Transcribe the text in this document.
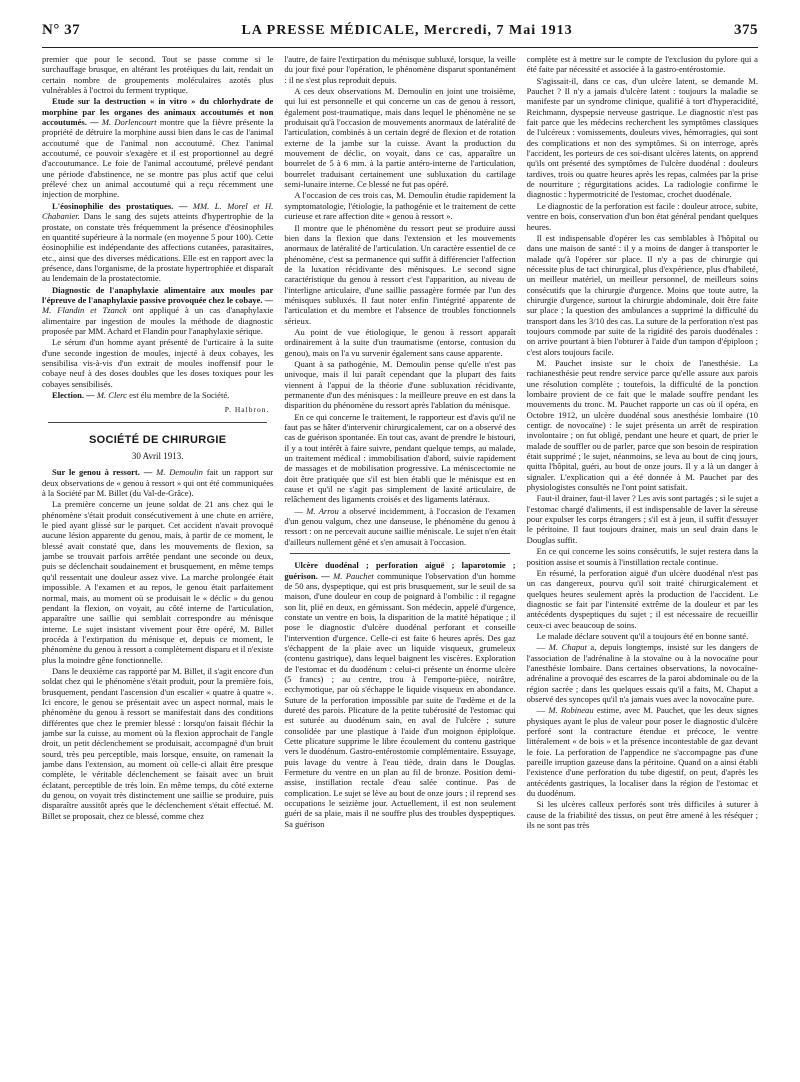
N° 37	LA PRESSE MÉDICALE, Mercredi, 7 Mai 1913	375

premier que pour le second. Tout se passe comme si le surchauffage brusque, en altérant les protéiques du lait, rendait un certain nombre de groupements moléculaires azotés plus vulnérables à l'octroi du ferment tryptique.

Etude sur la destruction « in vitro » du chlorhydrate de morphine par les organes des animaux accoutumés et non accoutumés. — M. Dorlencourt montre que la fièvre présente la propriété de détruire la morphine aussi bien dans le cas de l'animal accoutumé que de l'animal non accoutumé. Chez l'animal accoutumé, ce pouvoir s'exagère et il est proportionnel au degré d'accoutumance. Le foie de l'animal accoutumé, prélevé pendant une période d'abstinence, ne se montre pas plus actif que celui prélevé chez un animal accoutumé qui a reçu récemment une injection de morphine.

L'éosinophilie des prostatiques. — MM. L. Morel et H. Chabanier. Dans le sang des sujets atteints d'hypertrophie de la prostate, on constate très fréquemment la présence d'éosinophiles en quantité supérieure à la normale (en moyenne 5 pour 100). Cette éosinophilie est indépendante des affections cutanées, parasitaires, etc., ainsi que des diverses médications. Elle est en rapport avec la présence, dans l'organisme, de la prostate hypertrophiée et disparaît au lendemain de la prostatectomie.

Diagnostic de l'anaphylaxie alimentaire aux moules par l'épreuve de l'anaphylaxie passive provoquée chez le cobaye. — M. Flandin et Tzanck ont appliqué à un cas d'anaphylaxie alimentaire par ingestion de moules la méthode de diagnostic proposée par MM. Achard et Flandin pour l'anaphylaxie sérique.

Le sérum d'un homme ayant présenté de l'urticaire à la suite d'une seconde ingestion de moules, injecté à deux cobayes, les sensibilisa vis-à-vis d'un extrait de moules inoffensif pour le cobaye neuf à des doses doubles que les doses toxiques pour les cobayes sensibilisés.

Election. — M. Clerc est élu membre de la Société.

P. Halbron.

SOCIÉTÉ DE CHIRURGIE

30 Avril 1913.

Sur le genou à ressort. — M. Demoulin fait un rapport sur deux observations de « genou à ressort » qui ont été communiquées à la Société par M. Billet (du Val-de-Grâce).

La première concerne un jeune soldat de 21 ans chez qui le phénomène s'était produit consécutivement à une chute en arrière, le pied ayant glissé sur le parquet. Cet accident n'avait provoqué aucune lésion apparente du genou, mais, à partir de ce moment, le blessé avait constaté que, dans les mouvements de flexion, sa jambe se trouvait parfois arrêtée pendant une seconde ou deux, puis se déclenchait soudainement et brusquement, en même temps qu'il ressentait une douleur assez vive. La marche prolongée était impossible. A l'examen et au repos, le genou était parfaitement normal, mais, au moment où se produisait le « déclic » du genou pendant la flexion, on voyait, au côté interne de l'articulation, apparaître une saillie qui semblait correspondre au ménisque interne. Le sujet insistant vivement pour être opéré, M. Billet procéda à l'extirpation du ménisque et, depuis ce moment, le phénomène du genou à ressort a complètement disparu et il n'existe plus la moindre gêne fonctionnelle.

Dans le deuxième cas rapporté par M. Billet, il s'agit encore d'un soldat chez qui le phénomène s'était produit, pour la première fois, brusquement, pendant l'ascension d'un escalier « quatre à quatre ». Ici encore, le genou se présentait avec un aspect normal, mais le phénomène du genou à ressort se manifestait dans des conditions différentes que chez le premier blessé : lorsqu'on faisait fléchir la jambe sur la cuisse, au moment où la flexion approchait de l'angle droit, un petit déclenchement se produisait, accompagné d'un bruit sourd, très peu perceptible, mais lorsque, ensuite, on ramenait la jambe dans l'extension, au moment où celle-ci allait être presque complète, le véritable déclenchement se faisait avec un bruit éclatant, perceptible de très loin. En même temps, du côté externe du genou, on voyait très distinctement une saillie se produire, puis disparaître aussitôt après que le déclenchement s'était effectué. M. Billet se proposait, chez ce blessé, comme chez

l'autre, de faire l'extirpation du ménisque subluxé, lorsque, la veille du jour fixé pour l'opération, le phénomène disparut spontanément : il ne s'est plus reproduit depuis.

A ces deux observations M. Demoulin en joint une troisième, qui lui est personnelle et qui concerne un cas de genou à ressort, également post-traumatique, mais dans lequel le phénomène ne se produisait qu'à l'occasion de mouvements anormaux de latéralité de l'articulation, combinés à un certain degré de flexion et de rotation externe de la jambe sur la cuisse. Avant la production du mouvement de déclic, on voyait, dans ce cas, apparaître un bourrelet de 5 à 6 mm. à la partie antéro-interne de l'articulation, bourrelet traduisant certainement une subluxation du cartilage semi-lunaire interne. Ce blessé ne fut pas opéré.

A l'occasion de ces trois cas, M. Demoulin étudie rapidement la symptomatologie, l'étiologie, la pathogénie et le traitement de cette curieuse et rare affection dite « genou à ressort ».

Il montre que le phénomène du ressort peut se produire aussi bien dans la flexion que dans l'extension et les mouvements anormaux de latéralité de l'articulation. Un caractère essentiel de ce phénomène, c'est sa permanence qui suffit à différencier l'affection de la luxation récidivante des ménisques. Le second signe caractéristique du genou à ressort c'est l'apparition, au niveau de l'interligne articulaire, d'une saillie passagère formée par l'un des ménisques subluxés. Il faut noter enfin l'intégrité apparente de l'articulation et du membre et l'absence de troubles fonctionnels sérieux.

Au point de vue étiologique, le genou à ressort apparaît ordinairement à la suite d'un traumatisme (entorse, contusion du genou), mais on l'a vu survenir également sans cause apparente.

Quant à sa pathogénie, M. Demoulin pense qu'elle n'est pas univoque, mais il lui paraît cependant que la plupart des faits viennent à l'appui de la théorie d'une subluxation récidivante, permanente d'un des ménisques : la meilleure preuve en est dans la disparition du phénomène du ressort après l'ablation du ménisque.

En ce qui concerne le traitement, le rapporteur est d'avis qu'il ne faut pas se hâter d'intervenir chirurgicalement, car on a observé des cas de guérison spontanée. En tout cas, avant de prendre le bistouri, il y a tout intérêt à faire suivre, pendant quelque temps, au malade, un traitement médical : immobilisation d'abord, suivie rapidement de massages et de mobilisation progressive. La méniscectomie ne doit être pratiquée que s'il est bien établi que le ménisque est en cause et qu'il ne s'agit pas simplement de laxité articulaire, de relâchement des ligaments croisés et des ligaments latéraux.

— M. Arrou a observé incidemment, à l'occasion de l'examen d'un genou valgum, chez une danseuse, le phénomène du genou à ressort : on ne percevait aucune saillie méniscale. Le sujet n'en était d'ailleurs nullement gêné et s'en amusait à l'occasion.

Ulcère duodénal ; perforation aiguë ; laparotomie ; guérison. — M. Pauchet communique l'observation d'un homme de 50 ans, dyspeptique, qui est pris brusquement, sur le seuil de sa maison, d'une douleur en coup de poignard à l'ombilic : il regagne son lit, plié en deux, en gémissant. Son médecin, appelé d'urgence, constate un ventre en bois, la disparition de la matité hépatique ; il pose le diagnostic d'ulcère duodénal perforant et conseille l'intervention d'urgence. Celle-ci est faite 6 heures après. Des gaz s'échappent de la plaie avec un liquide visqueux, grumeleux (contenu gastrique), dans lequel baignent les viscères. Exploration de l'estomac et du duodénum : celui-ci présente un énorme ulcère (5 francs) ; au centre, trou à l'emporte-pièce, noirâtre, ecchymotique, par où s'échappe le liquide visqueux en abondance. Suture de la perforation impossible par suite de l'œdème et de la dureté des parois. Plicature de la petite tubérosité de l'estomac qui est suturée au duodénum sain, en aval de l'ulcère ; suture consolidée par une plastique à l'aide d'un moignon épiploïque. Cette plicature supprime le libre écoulement du contenu gastrique vers le duodénum. Gastro-entérostomie complémentaire. Essuyage, puis lavage du ventre à l'eau tiède, drain dans le Douglas. Fermeture du ventre en un plan au fil de bronze. Position demi-assise, instillation rectale d'eau salée continue. Pas de complication. Le sujet se lève au bout de onze jours ; il reprend ses occupations le seizième jour. Actuellement, il est non seulement guéri de sa plaie, mais il ne souffre plus des troubles dyspeptiques. Sa guérison

complète est à mettre sur le compte de l'exclusion du pylore qui a été faite par nécessité et associée à la gastro-entérostomie.

S'agissait-il, dans ce cas, d'un ulcère latent, se demande M. Pauchet ? Il n'y a jamais d'ulcère latent : toujours la maladie se manifeste par un syndrome clinique, qualifié à tort d'hyperacidité, Reichmann, dyspepsie nerveuse gastrique. Le diagnostic n'est pas fait parce que les médecins recherchent les symptômes classiques de l'ulcéreux : vomissements, douleurs vives, hémorragies, qui sont des complications et non des symptômes. Si on interroge, après l'accident, les porteurs de ces soi-disant ulcères latents, on apprend qu'ils ont présenté des symptômes de l'ulcère duodénal : douleurs tardives, trois ou quatre heures après les repas, calmées par la prise de nourriture ; régurgitations acides. La radiologie confirme le diagnostic : hypermotricité de l'estomac, crochet duodénale.

Le diagnostic de la perforation est facile : douleur atroce, subite, ventre en bois, conservation d'un bon état général pendant quelques heures.

Il est indispensable d'opérer les cas semblables à l'hôpital ou dans une maison de santé : il y a moins de danger à transporter le malade qu'à l'opérer sur place. Il n'y a pas de chirurgie qui nécessite plus de tact chirurgical, plus d'expérience, plus d'habileté, un meilleur matériel, un meilleur personnel, de meilleurs soins consécutifs que la chirurgie d'urgence. Moins que toute autre, la chirurgie d'urgence, surtout la chirurgie abdominale, doit être faite sur place ; la question des ambulances a supprimé la difficulté du transport dans les 3/10 des cas. La suture de la perforation n'est pas toujours commode par suite de la rigidité des parois duodénales : on arrive pourtant à bien l'obturer à l'aide d'un tampon d'épiploon ; c'est alors toujours facile.

M. Pauchet insiste sur le choix de l'anesthésie. La rachianesthésie peut rendre service parce qu'elle assure aux parois une résolution complète ; toutefois, la difficulté de la ponction lombaire provient de ce fait que le malade souffre pendant les mouvements du tronc. M. Pauchet rapporte un cas où il opéra, en Octobre 1912, un ulcère duodénal sous anesthésie lombaire (10 centigr. de novocaïne) : le sujet présenta un arrêt de respiration involontaire ; on fut obligé, pendant une heure et quart, de prier le malade de souffler ou de parler, parce que son besoin de respiration était supprimé ; le sujet, néanmoins, se leva au bout de cinq jours, quitta l'hôpital, guéri, au bout de onze jours. Il y a là un danger à signaler. L'explication qui a été donnée à M. Pauchet par des physiologistes consultés ne l'ont point satisfait.

Faut-il drainer, faut-il laver ? Les avis sont partagés ; si le sujet a l'estomac chargé d'aliments, il est indispensable de laver la séreuse pour expulser les corps étrangers ; s'il est à jeun, il suffit d'essuyer le péritoine. Il faut toujours drainer, mais un seul drain dans le Douglas suffit.

En ce qui concerne les soins consécutifs, le sujet restera dans la position assise et soumis à l'instillation rectale continue.

En résumé, la perforation aiguë d'un ulcère duodénal n'est pas un cas dangereux, pourvu qu'il soit traité chirurgicalement et quelques heures seulement après la production de l'accident. Le diagnostic se fait par l'intensité extrême de la douleur et par les antécédents dyspeptiques du sujet ; il est nécessaire de recueillir ceux-ci avec beaucoup de soins.

Le malade déclare souvent qu'il a toujours été en bonne santé.

— M. Chaput a, depuis longtemps, insisté sur les dangers de l'association de l'adrénaline à la stovaïne ou à la novocaïne pour l'anesthésie lombaire. Dans certaines observations, la novocaïne-adrénaline a provoqué des escarres de la paroi abdominale ou de la région sacrée ; dans les quelques essais qu'il a faits, M. Chaput a observé des syncopes qu'il n'a jamais vues avec la novocaïne pure.

— M. Robineau estime, avec M. Pauchet, que les deux signes physiques ayant le plus de valeur pour poser le diagnostic d'ulcère perforé sont la contracture étendue et précoce, le ventre littéralement « de bois » et la présence incontestable de gaz devant le foie. La perforation de l'appendice ne s'accompagne pas d'une pareille irruption gazeuse dans la péritoine. Quand on a ainsi établi l'existence d'une perforation du tube digestif, on peut, d'après les antécédents gastriques, la localiser dans la région de l'estomac et du duodénum.

Si les ulcères calleux perforés sont très difficiles à suturer à cause de la friabilité des tissus, on peut être amené à les réséquer ; ils ne sont pas très
